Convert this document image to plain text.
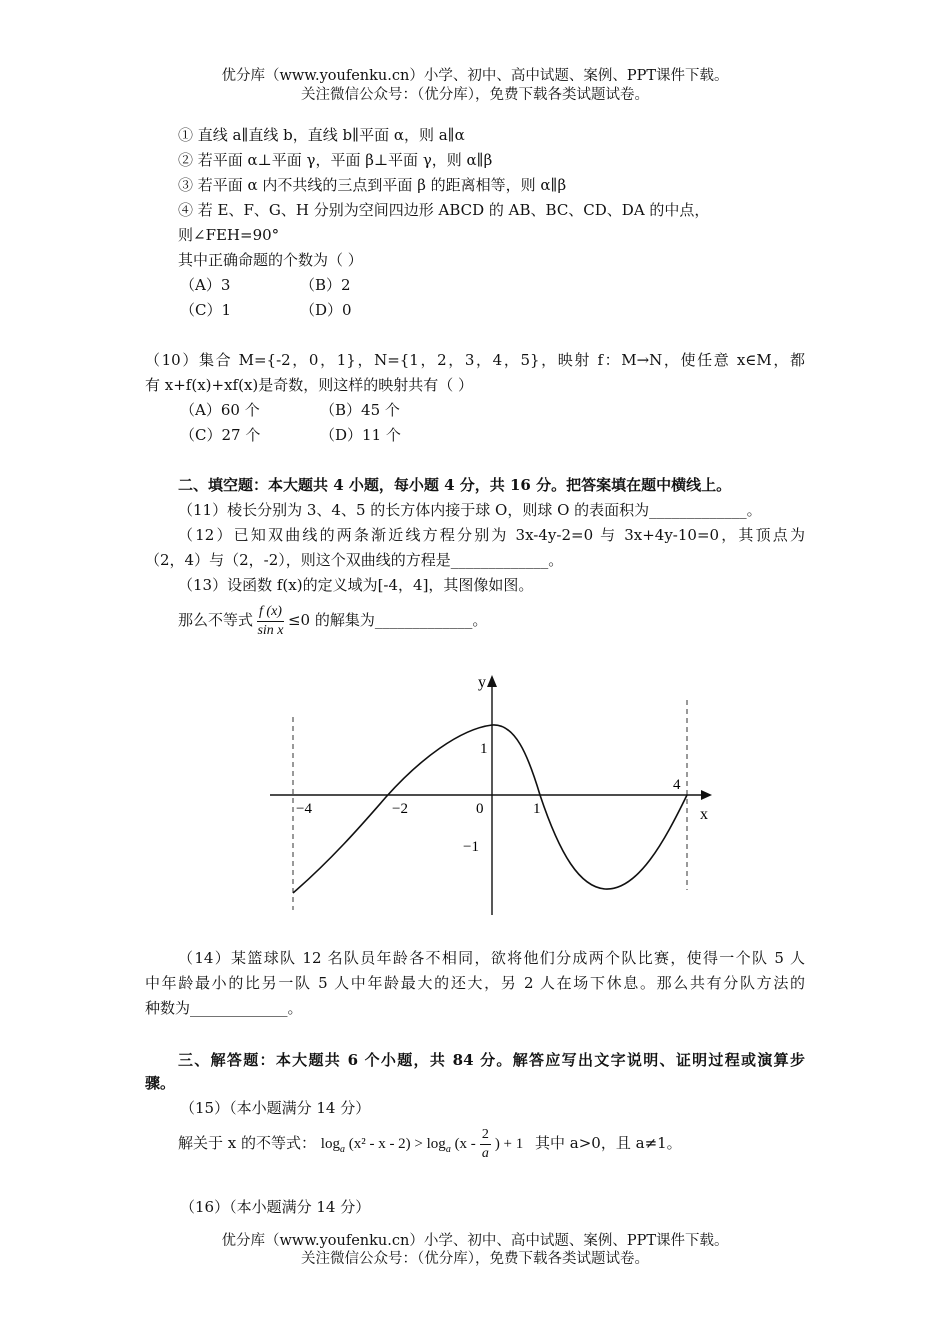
优分库（www.youfenku.cn）小学、初中、高中试题、案例、PPT课件下载。
关注微信公众号：（优分库），免费下载各类试题试卷。
① 直线 a∥直线 b，直线 b∥平面 α，则 a∥α
② 若平面 α⊥平面 γ，平面 β⊥平面 γ，则 α∥β
③ 若平面 α 内不共线的三点到平面 β 的距离相等，则 α∥β
④ 若 E、F、G、H 分别为空间四边形 ABCD 的 AB、BC、CD、DA 的中点，
则∠FEH=90°
其中正确命题的个数为（ ）
（A）3	（B）2
（C）1	（D）0
（10）集合 M={-2，0，1}，N={1，2，3，4，5}，映射 f：M→N，使任意 x∈M，都
有 x+f(x)+xf(x)是奇数，则这样的映射共有（ ）
（A）60 个	（B）45 个
（C）27 个	（D）11 个
二、填空题：本大题共 4 小题，每小题 4 分，共 16 分。把答案填在题中横线上。
（11）棱长分别为 3、4、5 的长方体内接于球 O，则球 O 的表面积为_____________。
（12）已知双曲线的两条渐近线方程分别为 3x-4y-2=0 与 3x+4y-10=0，其顶点为
（2，4）与（2，-2），则这个双曲线的方程是_____________。
（13）设函数 f(x)的定义域为[-4，4]，其图像如图。
那么不等式 $\frac{f (x)}{\text{sin x}} \le 0$ 的解集为_____________。
y
x
−4	−2	0	1
4
1
−1
（14）某篮球队 12 名队员年龄各不相同，欲将他们分成两个队比赛，使得一个队 5 人
中年龄最小的比另一队 5 人中年龄最大的还大，另 2 人在场下休息。那么共有分队方法的
种数为_____________。
三、解答题：本大题共 6 个小题，共 84 分。解答应写出文字说明、证明过程或演算步
骤。
（15）（本小题满分 14 分）
解关于 x 的不等式： $\log_a (x^2 - x - 2) > \log_a (x - \frac{2}{a}$ ) + 1 其中 a>0，且 a≠1。
（16）（本小题满分 14 分）
优分库（www.youfenku.cn）小学、初中、高中试题、案例、PPT课件下载。
关注微信公众号：（优分库），免费下载各类试题试卷。
